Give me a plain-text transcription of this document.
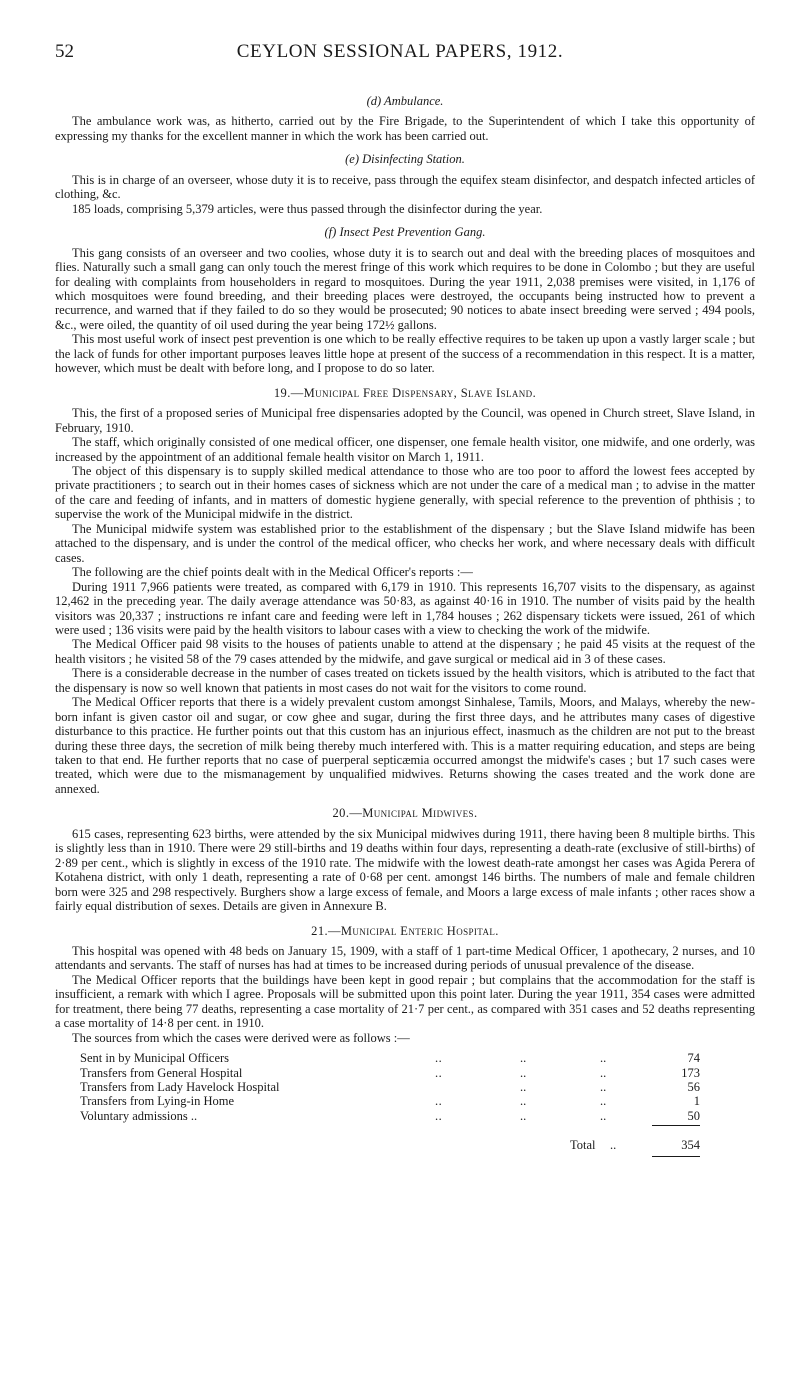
52	CEYLON SESSIONAL PAPERS, 1912.
(d) Ambulance.

The ambulance work was, as hitherto, carried out by the Fire Brigade, to the Superintendent of which I take this opportunity of expressing my thanks for the excellent manner in which the work has been carried out.

(e) Disinfecting Station.

This is in charge of an overseer, whose duty it is to receive, pass through the equifex steam disinfector, and despatch infected articles of clothing, &c.

185 loads, comprising 5,379 articles, were thus passed through the disinfector during the year.

(f) Insect Pest Prevention Gang.

This gang consists of an overseer and two coolies, whose duty it is to search out and deal with the breeding places of mosquitoes and flies. Naturally such a small gang can only touch the merest fringe of this work which requires to be done in Colombo ; but they are useful for dealing with complaints from householders in regard to mosquitoes. During the year 1911, 2,038 premises were visited, in 1,176 of which mosquitoes were found breeding, and their breeding places were destroyed, the occupants being instructed how to prevent a recurrence, and warned that if they failed to do so they would be prosecuted; 90 notices to abate insect breeding were served ; 494 pools, &c., were oiled, the quantity of oil used during the year being 172½ gallons.

This most useful work of insect pest prevention is one which to be really effective requires to be taken up upon a vastly larger scale ; but the lack of funds for other important purposes leaves little hope at present of the success of a recommendation in this respect. It is a matter, however, which must be dealt with before long, and I propose to do so later.

19.—Municipal Free Dispensary, Slave Island.

This, the first of a proposed series of Municipal free dispensaries adopted by the Council, was opened in Church street, Slave Island, in February, 1910.

The staff, which originally consisted of one medical officer, one dispenser, one female health visitor, one midwife, and one orderly, was increased by the appointment of an additional female health visitor on March 1, 1911.

The object of this dispensary is to supply skilled medical attendance to those who are too poor to afford the lowest fees accepted by private practitioners ; to search out in their homes cases of sickness which are not under the care of a medical man ; to advise in the matter of the care and feeding of infants, and in matters of domestic hygiene generally, with special reference to the prevention of phthisis ; to supervise the work of the Municipal midwife in the district.

The Municipal midwife system was established prior to the establishment of the dispensary ; but the Slave Island midwife has been attached to the dispensary, and is under the control of the medical officer, who checks her work, and where necessary deals with difficult cases.

The following are the chief points dealt with in the Medical Officer's reports :—

During 1911 7,966 patients were treated, as compared with 6,179 in 1910. This represents 16,707 visits to the dispensary, as against 12,462 in the preceding year. The daily average attendance was 50·83, as against 40·16 in 1910. The number of visits paid by the health visitors was 20,337 ; instructions re infant care and feeding were left in 1,784 houses ; 262 dispensary tickets were issued, 261 of which were used ; 136 visits were paid by the health visitors to labour cases with a view to checking the work of the midwife.

The Medical Officer paid 98 visits to the houses of patients unable to attend at the dispensary ; he paid 45 visits at the request of the health visitors ; he visited 58 of the 79 cases attended by the midwife, and gave surgical or medical aid in 3 of these cases.

There is a considerable decrease in the number of cases treated on tickets issued by the health visitors, which is atributed to the fact that the dispensary is now so well known that patients in most cases do not wait for the visitors to come round.

The Medical Officer reports that there is a widely prevalent custom amongst Sinhalese, Tamils, Moors, and Malays, whereby the new-born infant is given castor oil and sugar, or cow ghee and sugar, during the first three days, and he attributes many cases of digestive disturbance to this practice. He further points out that this custom has an injurious effect, inasmuch as the children are not put to the breast during these three days, the secretion of milk being thereby much interfered with. This is a matter requiring education, and steps are being taken to that end. He further reports that no case of puerperal septicæmia occurred amongst the midwife's cases ; but 17 such cases were treated, which were due to the mismanagement by unqualified midwives. Returns showing the cases treated and the work done are annexed.

20.—Municipal Midwives.

615 cases, representing 623 births, were attended by the six Municipal midwives during 1911, there having been 8 multiple births. This is slightly less than in 1910. There were 29 still-births and 19 deaths within four days, representing a death-rate (exclusive of still-births) of 2·89 per cent., which is slightly in excess of the 1910 rate. The midwife with the lowest death-rate amongst her cases was Agida Perera of Kotahena district, with only 1 death, representing a rate of 0·68 per cent. amongst 146 births. The numbers of male and female children born were 325 and 298 respectively. Burghers show a large excess of female, and Moors a large excess of male infants ; other races show a fairly equal distribution of sexes. Details are given in Annexure B.

21.—Municipal Enteric Hospital.

This hospital was opened with 48 beds on January 15, 1909, with a staff of 1 part-time Medical Officer, 1 apothecary, 2 nurses, and 10 attendants and servants. The staff of nurses has had at times to be increased during periods of unusual prevalence of the disease.

The Medical Officer reports that the buildings have been kept in good repair ; but complains that the accommodation for the staff is insufficient, a remark with which I agree. Proposals will be submitted upon this point later. During the year 1911, 354 cases were admitted for treatment, there being 77 deaths, representing a case mortality of 21·7 per cent., as compared with 351 cases and 52 deaths representing a case mortality of 14·8 per cent. in 1910.

The sources from which the cases were derived were as follows :—

Sent in by Municipal Officers	..	..	..	74
Transfers from General Hospital	..	..	..	173
Transfers from Lady Havelock Hospital	..	..	56
Transfers from Lying-in Home	..	..	..	1
Voluntary admissions ..	..	..	..	50
Total ..	354
